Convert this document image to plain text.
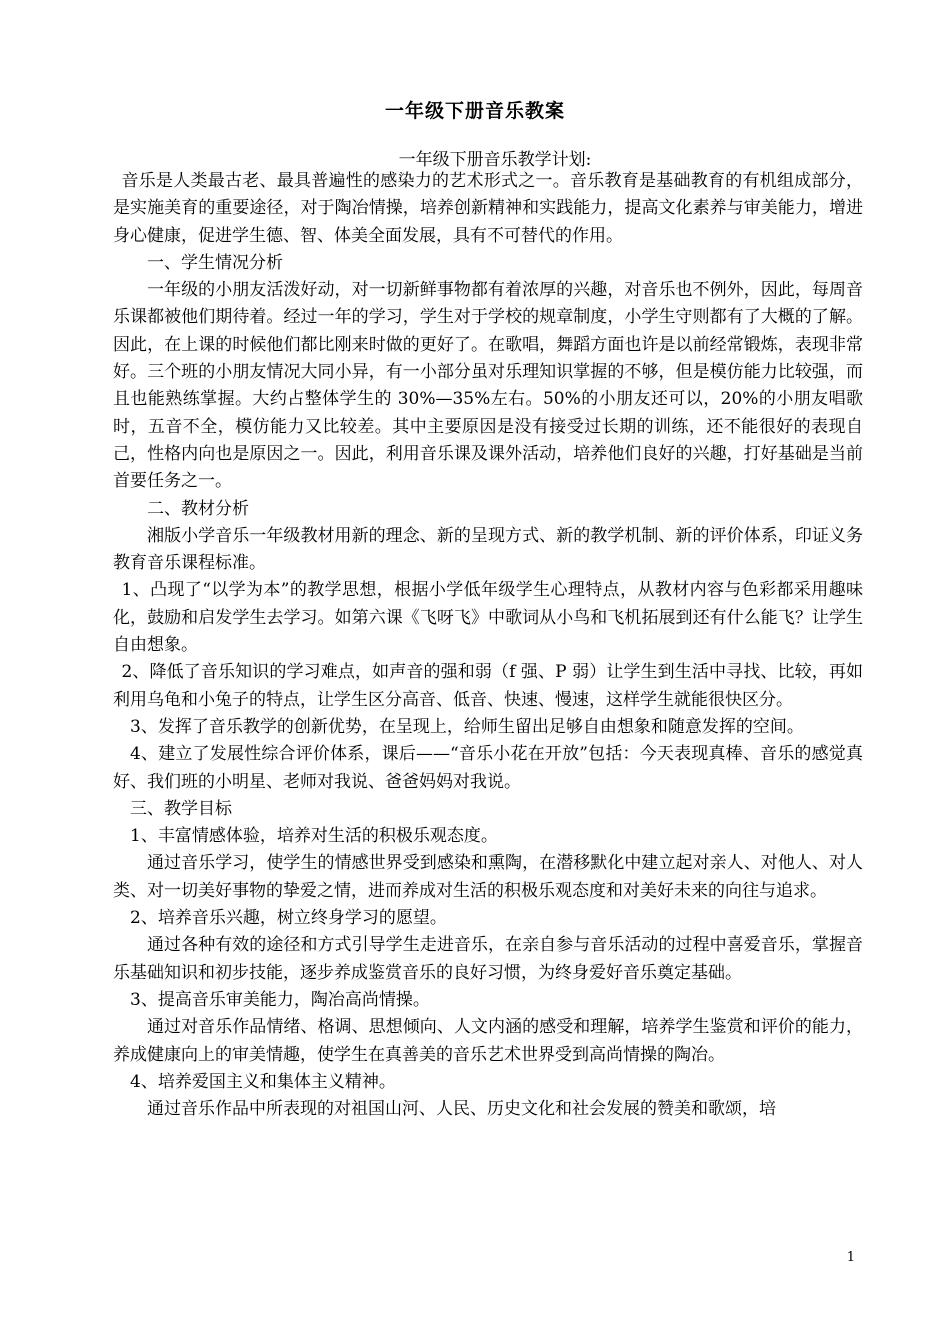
一年级下册音乐教案
一年级下册音乐教学计划:

音乐是人类最古老、最具普遍性的感染力的艺术形式之一。音乐教育是基础教育的有机组成部分，是实施美育的重要途径，对于陶冶情操，培养创新精神和实践能力，提高文化素养与审美能力，增进身心健康，促进学生德、智、体美全面发展，具有不可替代的作用。

一、学生情况分析

一年级的小朋友活泼好动，对一切新鲜事物都有着浓厚的兴趣，对音乐也不例外，因此，每周音乐课都被他们期待着。经过一年的学习，学生对于学校的规章制度，小学生守则都有了大概的了解。因此，在上课的时候他们都比刚来时做的更好了。在歌唱，舞蹈方面也许是以前经常锻炼，表现非常好。三个班的小朋友情况大同小异，有一小部分虽对乐理知识掌握的不够，但是模仿能力比较强，而且也能熟练掌握。大约占整体学生的 30%—35%左右。50%的小朋友还可以，20%的小朋友唱歌时，五音不全，模仿能力又比较差。其中主要原因是没有接受过长期的训练，还不能很好的表现自己，性格内向也是原因之一。因此，利用音乐课及课外活动，培养他们良好的兴趣，打好基础是当前首要任务之一。

二、教材分析

湘版小学音乐一年级教材用新的理念、新的呈现方式、新的教学机制、新的评价体系，印证义务教育音乐课程标准。

1、凸现了“以学为本”的教学思想，根据小学低年级学生心理特点，从教材内容与色彩都采用趣味化，鼓励和启发学生去学习。如第六课《飞呀飞》中歌词从小鸟和飞机拓展到还有什么能飞？让学生自由想象。

2、降低了音乐知识的学习难点，如声音的强和弱（f 强、P 弱）让学生到生活中寻找、比较，再如利用乌龟和小兔子的特点，让学生区分高音、低音、快速、慢速，这样学生就能很快区分。

3、发挥了音乐教学的创新优势，在呈现上，给师生留出足够自由想象和随意发挥的空间。

4、建立了发展性综合评价体系，课后——“音乐小花在开放”包括：今天表现真棒、音乐的感觉真好、我们班的小明星、老师对我说、爸爸妈妈对我说。

三、教学目标

1、丰富情感体验，培养对生活的积极乐观态度。

通过音乐学习，使学生的情感世界受到感染和熏陶，在潜移默化中建立起对亲人、对他人、对人类、对一切美好事物的挚爱之情，进而养成对生活的积极乐观态度和对美好未来的向往与追求。

2、培养音乐兴趣，树立终身学习的愿望。

通过各种有效的途径和方式引导学生走进音乐，在亲自参与音乐活动的过程中喜爱音乐，掌握音乐基础知识和初步技能，逐步养成鉴赏音乐的良好习惯，为终身爱好音乐奠定基础。

3、提高音乐审美能力，陶冶高尚情操。

通过对音乐作品情绪、格调、思想倾向、人文内涵的感受和理解，培养学生鉴赏和评价的能力，养成健康向上的审美情趣，使学生在真善美的音乐艺术世界受到高尚情操的陶冶。

4、培养爱国主义和集体主义精神。

通过音乐作品中所表现的对祖国山河、人民、历史文化和社会发展的赞美和歌颂，培

1
